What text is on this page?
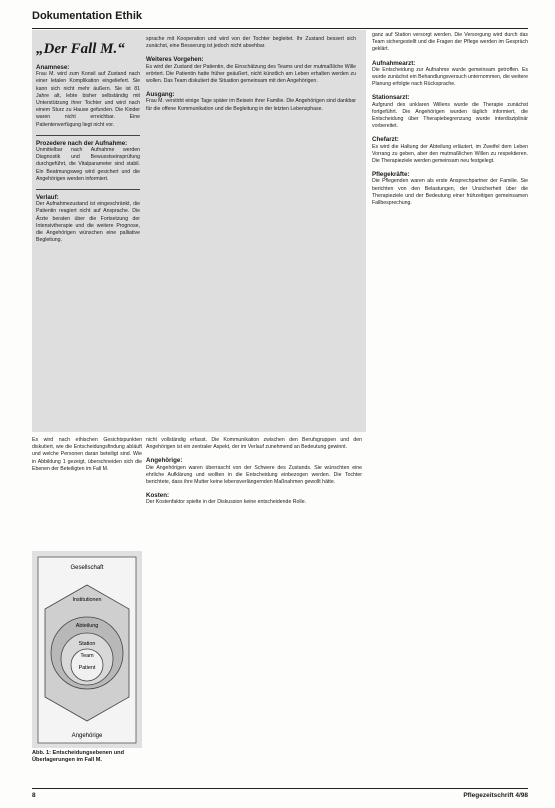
Dokumentation Ethik
„Der Fall M.“
Anamnese:

Frau M. wird zum Konsil auf Zustand nach einer letalen Komplikation eingeliefert. Sie kann sich nicht mehr äußern. Sie ist 81 Jahre alt, lebte bisher selbständig mit Unterstützung ihrer Tochter und wird nach einem Sturz zu Hause gefunden. Die Kinder waren nicht erreichbar. Eine Patientenverfügung liegt nicht vor.

Prozedere nach der Aufnahme:

Unmittelbar nach Aufnahme werden Diagnostik und Bewusstseinsprüfung durchgeführt, die Vitalparameter sind stabil. Ein Beatmungsweg wird gesichert und die Angehörigen werden informiert.

Verlauf:

Der Aufnahmezustand ist eingeschränkt, die Patientin reagiert nicht auf Ansprache. Die Ärzte beraten über die Fortsetzung der Intensivtherapie und die weitere Prognose, die Angehörigen wünschen eine palliative Begleitung.

sprache mit Kooperation und wird von der Tochter begleitet. Ihr Zustand bessert sich zunächst, eine Besserung ist jedoch nicht absehbar.

Weiteres Vorgehen:

Es wird der Zustand der Patientin, die Einschätzung des Teams und der mutmaßliche Wille erörtert. Die Patientin hatte früher geäußert, nicht künstlich am Leben erhalten werden zu wollen. Das Team diskutiert die Situation gemeinsam mit den Angehörigen.

Ausgang:

Frau M. verstirbt einige Tage später im Beisein ihrer Familie. Die Angehörigen sind dankbar für die offene Kommunikation und die Begleitung in der letzten Lebensphase.

ganz auf Station versorgt werden. Die Versorgung wird durch das Team sichergestellt und die Fragen der Pflege werden im Gespräch geklärt.

Aufnahmearzt:

Die Entscheidung zur Aufnahme wurde gemeinsam getroffen. Es wurde zunächst ein Behandlungsversuch unternommen, die weitere Planung erfolgte nach Rücksprache.

Stationsarzt:

Aufgrund des unklaren Willens wurde die Therapie zunächst fortgeführt. Die Angehörigen wurden täglich informiert, die Entscheidung über Therapiebegrenzung wurde interdisziplinär vorbereitet.

Chefarzt:

Es wird die Haltung der Abteilung erläutert, im Zweifel dem Leben Vorrang zu geben, aber den mutmaßlichen Willen zu respektieren. Die Therapieziele werden gemeinsam neu festgelegt.

Pflegekräfte:

Die Pflegenden waren als erste Ansprechpartner der Familie. Sie berichten von den Belastungen, der Unsicherheit über die Therapieziele und der Bedeutung einer frühzeitigen gemeinsamen Fallbesprechung.

Es wird nach ethischen Gesichtspunkten diskutiert, wie die Entscheidungsfindung abläuft und welche Personen daran beteiligt sind. Wie in Abbildung 1 gezeigt, überschneiden sich die Ebenen der Beteiligten im Fall M.

nicht vollständig erfasst. Die Kommunikation zwischen den Berufsgruppen und den Angehörigen ist ein zentraler Aspekt, der im Verlauf zunehmend an Bedeutung gewinnt.

Angehörige:

Die Angehörigen waren überrascht von der Schwere des Zustands. Sie wünschten eine ehrliche Aufklärung und wollten in die Entscheidung einbezogen werden. Die Tochter berichtete, dass ihre Mutter keine lebensverlängernden Maßnahmen gewollt hätte.

Kosten:

Der Kostenfaktor spielte in der Diskussion keine entscheidende Rolle.

Gesellschaft
Institutionen
Abteilung
Station
Team
Patient
Angehörige
Abb. 1: Entscheidungsebenen und Überlagerungen im Fall M.
8	Pflegezeitschrift 4/98
